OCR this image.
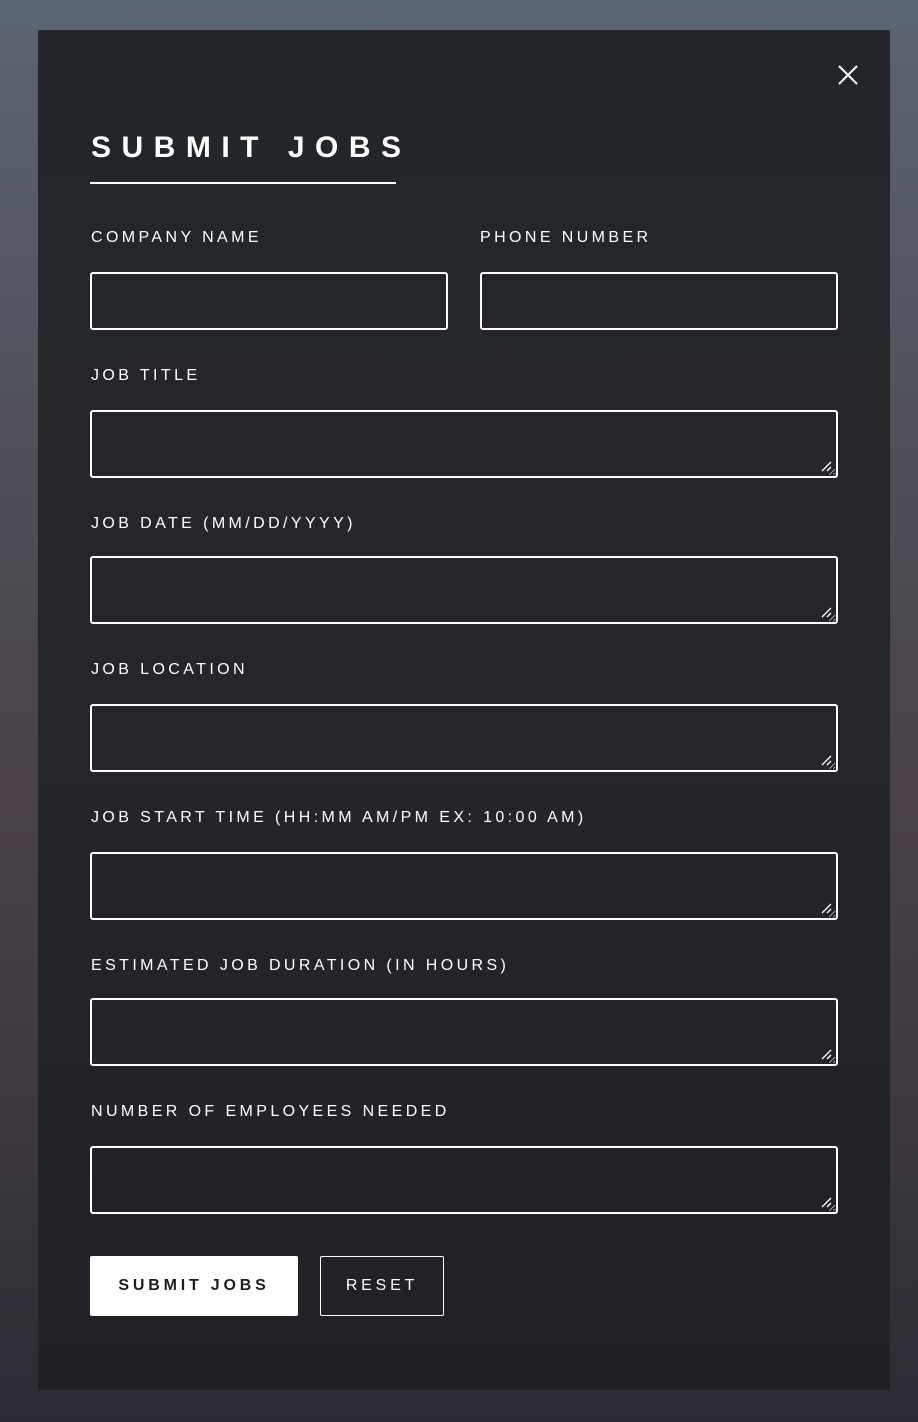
SUBMIT JOBS
COMPANY NAME	PHONE NUMBER
JOB TITLE
JOB DATE (MM/DD/YYYY)
JOB LOCATION
JOB START TIME (HH:MM AM/PM EX: 10:00 AM)
ESTIMATED JOB DURATION (IN HOURS)
NUMBER OF EMPLOYEES NEEDED
SUBMIT JOBS	RESET
